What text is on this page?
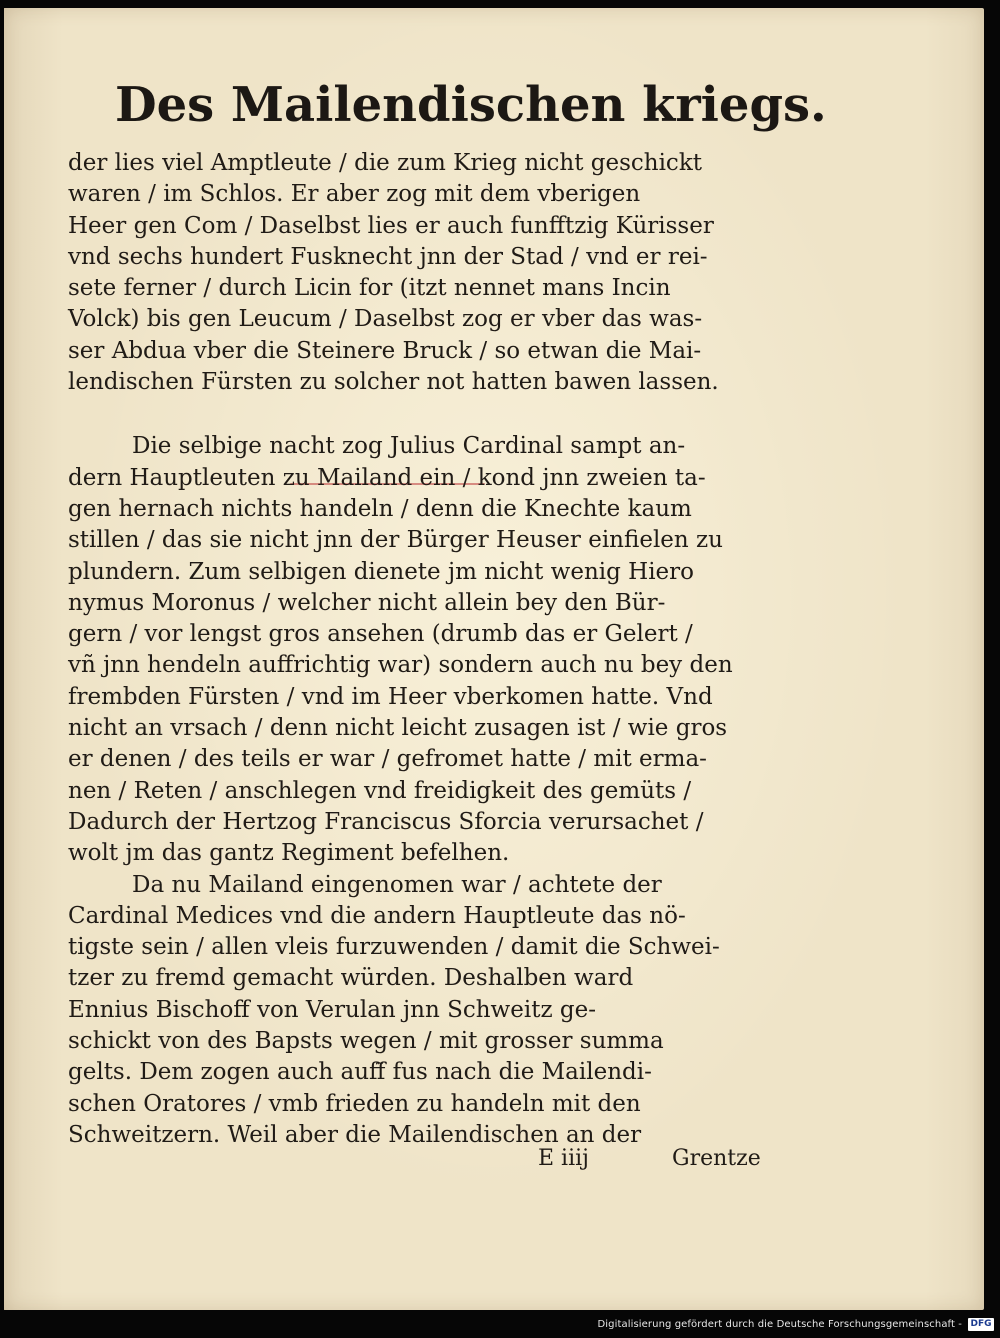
Des Mailendischen kriegs.
der lies viel Amptleute / die zum Krieg nicht geschickt
waren / im Schlos. Er aber zog mit dem vberigen
Heer gen Com / Daselbst lies er auch funfftzig Kürisser
vnd sechs hundert Fusknecht jnn der Stad / vnd er rei-
sete ferner / durch Licin for (itzt nennet mans Incin
Volck) bis gen Leucum / Daselbst zog er vber das was-
ser Abdua vber die Steinere Bruck / so etwan die Mai-
lendischen Fürsten zu solcher not hatten bawen lassen.
Die selbige nacht zog Julius Cardinal sampt an-
dern Hauptleuten zu Mailand ein / kond jnn zweien ta-
gen hernach nichts handeln / denn die Knechte kaum
stillen / das sie nicht jnn der Bürger Heuser einfielen zu
plundern. Zum selbigen dienete jm nicht wenig Hiero
nymus Moronus / welcher nicht allein bey den Bür-
gern / vor lengst gros ansehen (drumb das er Gelert /
vñ jnn hendeln auffrichtig war) sondern auch nu bey den
frembden Fürsten / vnd im Heer vberkomen hatte. Vnd
nicht an vrsach / denn nicht leicht zusagen ist / wie gros
er denen / des teils er war / gefromet hatte / mit erma-
nen / Reten / anschlegen vnd freidigkeit des gemüts /
Dadurch der Hertzog Franciscus Sforcia verursachet /
wolt jm das gantz Regiment befelhen.
Da nu Mailand eingenomen war / achtete der
Cardinal Medices vnd die andern Hauptleute das nö-
tigste sein / allen vleis furzuwenden / damit die Schwei-
tzer zu fremd gemacht würden. Deshalben ward
Ennius Bischoff von Verulan jnn Schweitz ge-
schickt von des Bapsts wegen / mit grosser summa
gelts. Dem zogen auch auff̃ fus nach die Mailendi-
schen Oratores / vmb frieden zu handeln mit den
Schweitzern. Weil aber die Mailendischen an der
E iiij	Grentze
Digitalisierung gefördert durch die Deutsche Forschungsgemeinschaft - DFG
